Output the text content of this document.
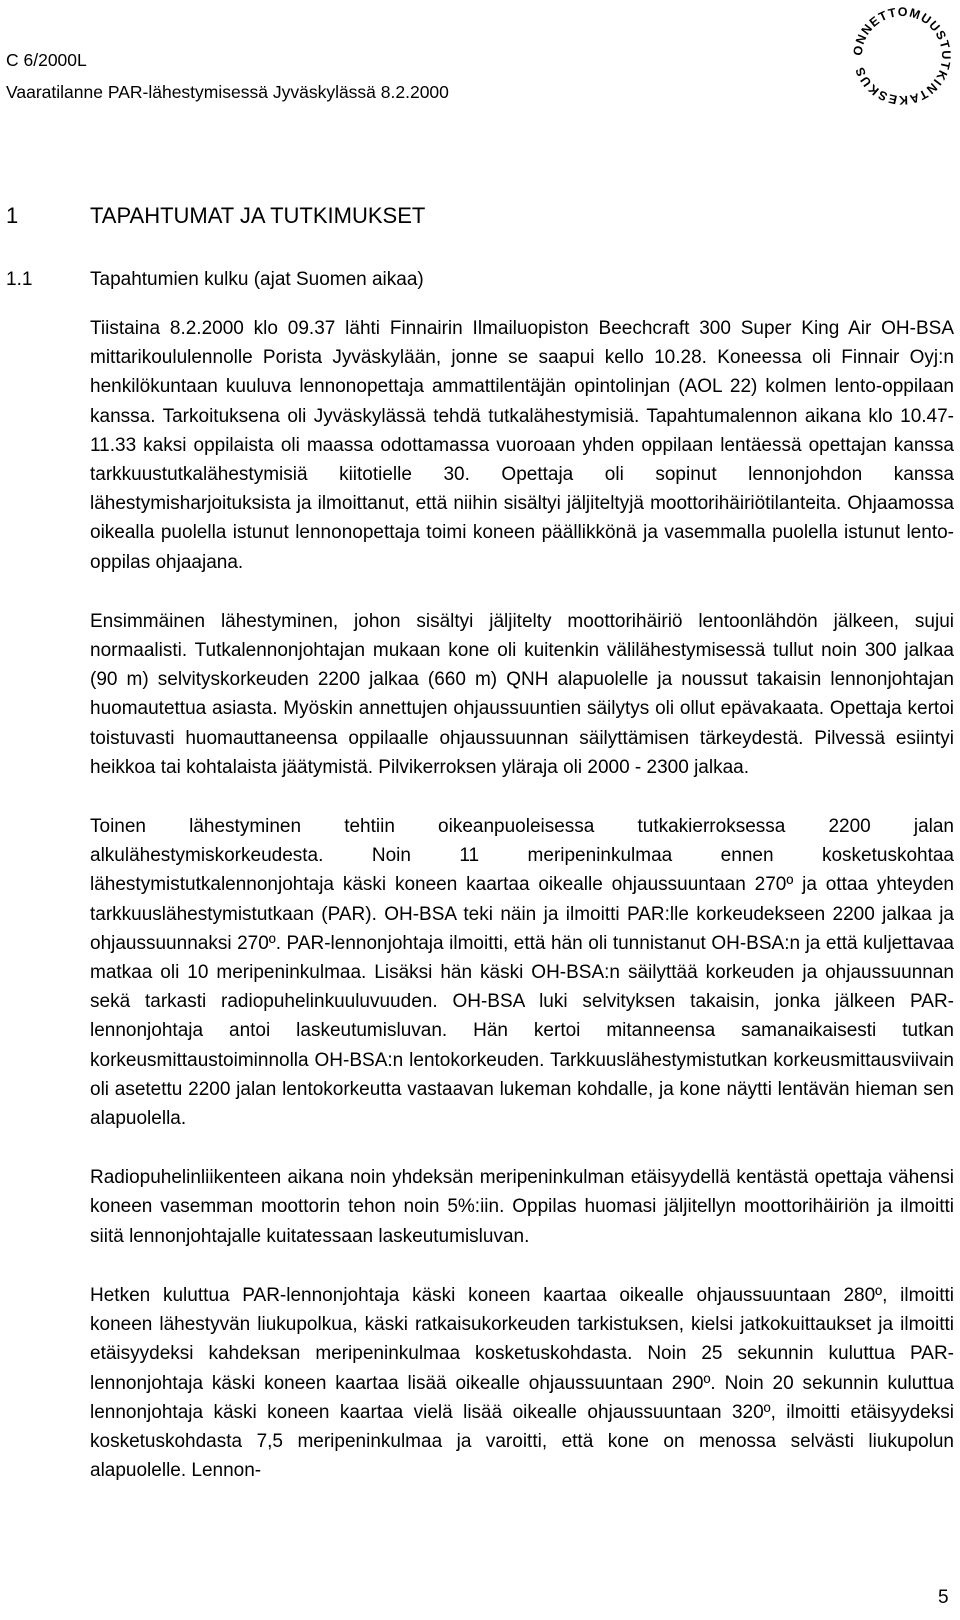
C 6/2000L
Vaaratilanne PAR-lähestymisessä Jyväskylässä 8.2.2000
ONNETTOMUUSTUTKINTAKESKUS
1	TAPAHTUMAT JA TUTKIMUKSET
1.1	Tapahtumien kulku (ajat Suomen aikaa)

Tiistaina 8.2.2000 klo 09.37 lähti Finnairin Ilmailuopiston Beechcraft 300 Super King Air OH-BSA mittarikoululennolle Porista Jyväskylään, jonne se saapui kello 10.28. Koneessa oli Finnair Oyj:n henkilökuntaan kuuluva lennonopettaja ammattilentäjän opintolinjan (AOL 22) kolmen lento-oppilaan kanssa. Tarkoituksena oli Jyväskylässä tehdä tutkalähestymisiä. Tapahtumalennon aikana klo 10.47-11.33 kaksi oppilaista oli maassa odottamassa vuoroaan yhden oppilaan lentäessä opettajan kanssa tarkkuustutkalähestymisiä kiitotielle 30. Opettaja oli sopinut lennonjohdon kanssa lähestymisharjoituksista ja ilmoittanut, että niihin sisältyi jäljiteltyjä moottorihäiriötilanteita. Ohjaamossa oikealla puolella istunut lennonopettaja toimi koneen päällikkönä ja vasemmalla puolella istunut lento-oppilas ohjaajana.

Ensimmäinen lähestyminen, johon sisältyi jäljitelty moottorihäiriö lentoonlähdön jälkeen, sujui normaalisti. Tutkalennonjohtajan mukaan kone oli kuitenkin välilähestymisessä tullut noin 300 jalkaa (90 m) selvityskorkeuden 2200 jalkaa (660 m) QNH alapuolelle ja noussut takaisin lennonjohtajan huomautettua asiasta. Myöskin annettujen ohjaussuuntien säilytys oli ollut epävakaata. Opettaja kertoi toistuvasti huomauttaneensa oppilaalle ohjaussuunnan säilyttämisen tärkeydestä. Pilvessä esiintyi heikkoa tai kohtalaista jäätymistä. Pilvikerroksen yläraja oli 2000 - 2300 jalkaa.

Toinen lähestyminen tehtiin oikeanpuoleisessa tutkakierroksessa 2200 jalan alkulähestymiskorkeudesta. Noin 11 meripeninkulmaa ennen kosketuskohtaa lähestymistutkalennonjohtaja käski koneen kaartaa oikealle ohjaussuuntaan 270º ja ottaa yhteyden tarkkuuslähestymistutkaan (PAR). OH-BSA teki näin ja ilmoitti PAR:lle korkeudekseen 2200 jalkaa ja ohjaussuunnaksi 270º. PAR-lennonjohtaja ilmoitti, että hän oli tunnistanut OH-BSA:n ja että kuljettavaa matkaa oli 10 meripeninkulmaa. Lisäksi hän käski OH-BSA:n säilyttää korkeuden ja ohjaussuunnan sekä tarkasti radiopuhelinkuuluvuuden. OH-BSA luki selvityksen takaisin, jonka jälkeen PAR-lennonjohtaja antoi laskeutumisluvan. Hän kertoi mitanneensa samanaikaisesti tutkan korkeusmittaustoiminnolla OH-BSA:n lentokorkeuden. Tarkkuuslähestymistutkan korkeusmittausviivain oli asetettu 2200 jalan lentokorkeutta vastaavan lukeman kohdalle, ja kone näytti lentävän hieman sen alapuolella.

Radiopuhelinliikenteen aikana noin yhdeksän meripeninkulman etäisyydellä kentästä opettaja vähensi koneen vasemman moottorin tehon noin 5%:iin. Oppilas huomasi jäljitellyn moottorihäiriön ja ilmoitti siitä lennonjohtajalle kuitatessaan laskeutumisluvan.

Hetken kuluttua PAR-lennonjohtaja käski koneen kaartaa oikealle ohjaussuuntaan 280º, ilmoitti koneen lähestyvän liukupolkua, käski ratkaisukorkeuden tarkistuksen, kielsi jatkokuittaukset ja ilmoitti etäisyydeksi kahdeksan meripeninkulmaa kosketuskohdasta. Noin 25 sekunnin kuluttua PAR-lennonjohtaja käski koneen kaartaa lisää oikealle ohjaussuuntaan 290º. Noin 20 sekunnin kuluttua lennonjohtaja käski koneen kaartaa vielä lisää oikealle ohjaussuuntaan 320º, ilmoitti etäisyydeksi kosketuskohdasta 7,5 meripeninkulmaa ja varoitti, että kone on menossa selvästi liukupolun alapuolelle. Lennon-

5
